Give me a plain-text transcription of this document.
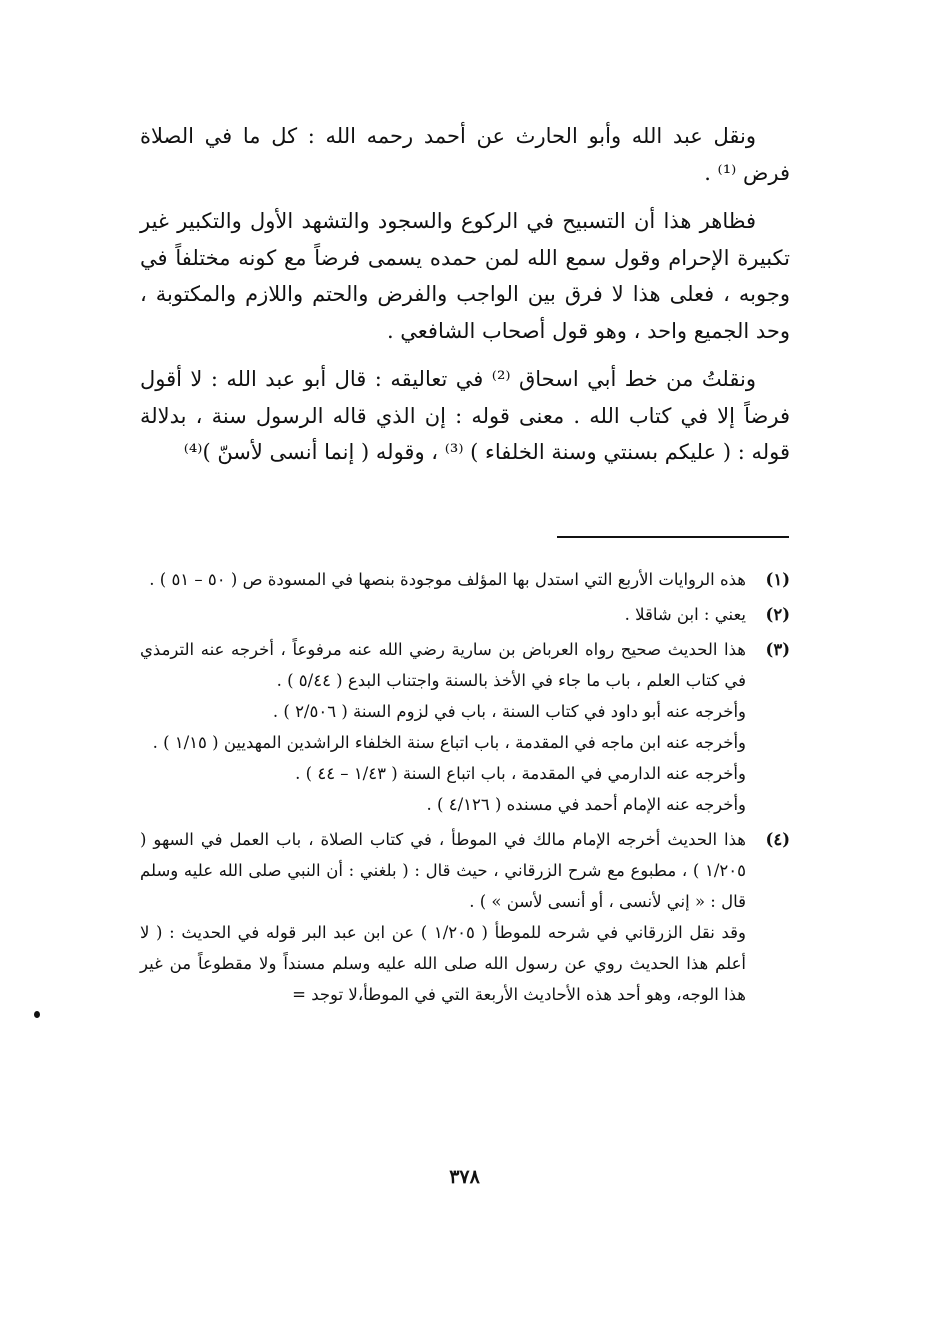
ونقل عبد الله وأبو الحارث عن أحمد رحمه الله : كل ما في الصلاة فرض ⁽¹⁾ .

فظاهر هذا أن التسبيح في الركوع والسجود والتشهد الأول والتكبير غير تكبيرة الإحرام وقول سمع الله لمن حمده يسمى فرضاً مع كونه مختلفاً في وجوبه ، فعلى هذا لا فرق بين الواجب والفرض والحتم واللازم والمكتوبة ، وحد الجميع واحد ، وهو قول أصحاب الشافعي .

ونقلتُ من خط أبي اسحاق ⁽²⁾ في تعاليقه : قال أبو عبد الله : لا أقول فرضاً إلا في كتاب الله . معنى قوله : إن الذي قاله الرسول سنة ، بدلالة قوله : ( عليكم بسنتي وسنة الخلفاء ) ⁽³⁾ ، وقوله ( إنما أنسى لأسنّ )⁽⁴⁾

(١)
هذه الروايات الأربع التي استدل بها المؤلف موجودة بنصها في المسودة ص ( ٥٠ – ٥١ ) .
(٢)
يعني : ابن شاقلا .
(٣)
هذا الحديث صحيح رواه العرباض بن سارية رضي الله عنه مرفوعاً ، أخرجه عنه الترمذي في كتاب العلم ، باب ما جاء في الأخذ بالسنة واجتناب البدع ( ٥/٤٤ ) .
وأخرجه عنه أبو داود في كتاب السنة ، باب في لزوم السنة ( ٢/٥٠٦ ) .
وأخرجه عنه ابن ماجه في المقدمة ، باب اتباع سنة الخلفاء الراشدين المهديين ( ١/١٥ ) .
وأخرجه عنه الدارمي في المقدمة ، باب اتباع السنة ( ١/٤٣ – ٤٤ ) .
وأخرجه عنه الإمام أحمد في مسنده ( ٤/١٢٦ ) .
(٤)
هذا الحديث أخرجه الإمام مالك في الموطأ ، في كتاب الصلاة ، باب العمل في السهو ( ١/٢٠٥ ) ، مطبوع مع شرح الزرقاني ، حيث قال : ( بلغني : أن النبي صلى الله عليه وسلم قال : « إني لأنسى ، أو أنسى لأسن » ) .
وقد نقل الزرقاني في شرحه للموطأ ( ١/٢٠٥ ) عن ابن عبد البر قوله في الحديث : ( لا أعلم هذا الحديث روي عن رسول الله صلى الله عليه وسلم مسنداً ولا مقطوعاً من غير هذا الوجه، وهو أحد هذه الأحاديث الأربعة التي في الموطأ،لا توجد =
٣٧٨
